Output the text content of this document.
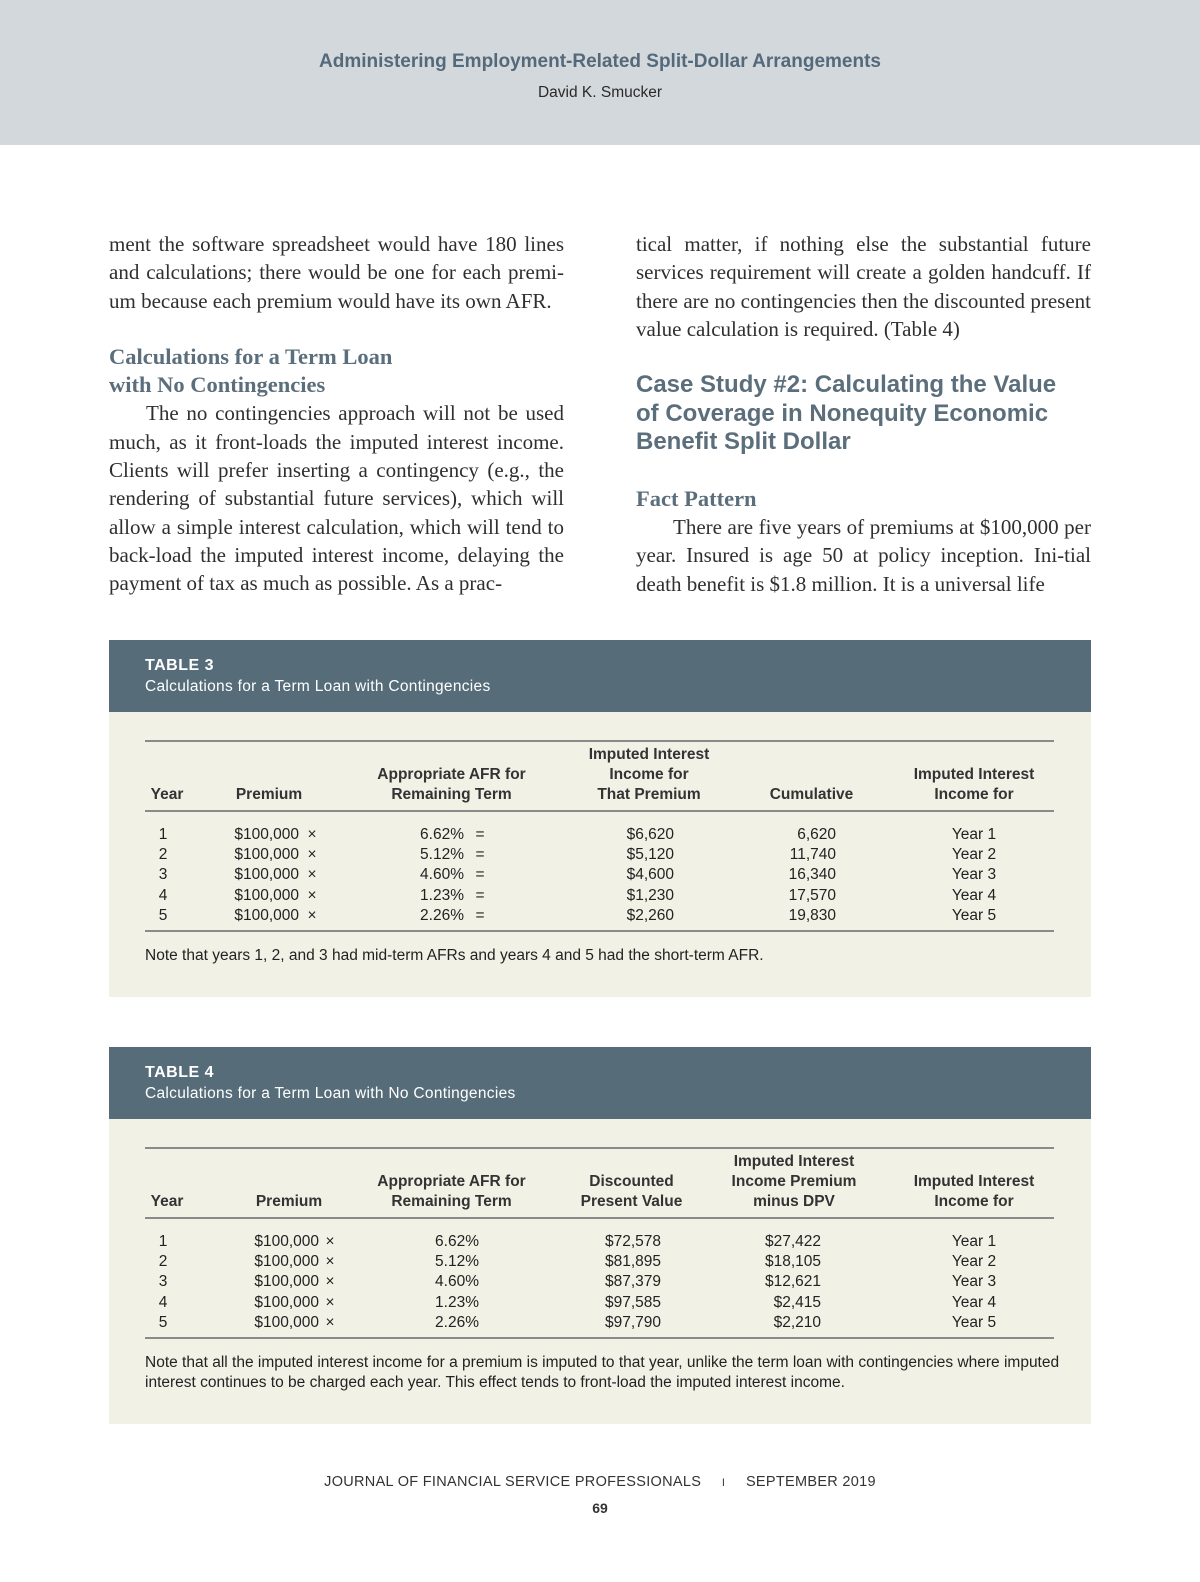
Administering Employment-Related Split-Dollar Arrangements
David K. Smucker

ment the software spreadsheet would have 180 lines and calculations; there would be one for each premi-um because each premium would have its own AFR.

Calculations for a Term Loan
with No Contingencies

The no contingencies approach will not be used much, as it front-loads the imputed interest income. Clients will prefer inserting a contingency (e.g., the rendering of substantial future services), which will allow a simple interest calculation, which will tend to back-load the imputed interest income, delaying the payment of tax as much as possible. As a prac-

tical matter, if nothing else the substantial future services requirement will create a golden handcuff. If there are no contingencies then the discounted present value calculation is required. (Table 4)

Case Study #2: Calculating the Value
of Coverage in Nonequity Economic
Benefit Split Dollar
Fact Pattern

There are five years of premiums at $100,000 per year. Insured is age 50 at policy inception. Ini-tial death benefit is $1.8 million. It is a universal life

TABLE 3
Calculations for a Term Loan with Contingencies
Year	Premium
Appropriate AFR for
Remaining Term
Imputed Interest
Income for
That Premium	Cumulative
Imputed Interest
Income for
1	$100,000 ×	6.62% =	$6,620	6,620	Year 1
2	$100,000 ×	5.12% =	$5,120	11,740	Year 2
3	$100,000 ×	4.60% =	$4,600	16,340	Year 3
4	$100,000 ×	1.23% =	$1,230	17,570	Year 4
5	$100,000 ×	2.26% =	$2,260	19,830	Year 5
Note that years 1, 2, and 3 had mid-term AFRs and years 4 and 5 had the short-term AFR.
TABLE 4
Calculations for a Term Loan with No Contingencies
Year	Premium
Appropriate AFR for
Remaining Term
Discounted
Present Value
Imputed Interest
Income Premium
minus DPV
Imputed Interest
Income for
1	$100,000 ×	6.62%	$72,578	$27,422	Year 1
2	$100,000 ×	5.12%	$81,895	$18,105	Year 2
3	$100,000 ×	4.60%	$87,379	$12,621	Year 3
4	$100,000 ×	1.23%	$97,585	$2,415	Year 4
5	$100,000 ×	2.26%	$97,790	$2,210	Year 5
Note that all the imputed interest income for a premium is imputed to that year, unlike the term loan with contingencies where imputed interest continues to be charged each year. This effect tends to front-load the imputed interest income.
JOURNAL OF FINANCIAL SERVICE PROFESSIONALS I SEPTEMBER 2019
69
